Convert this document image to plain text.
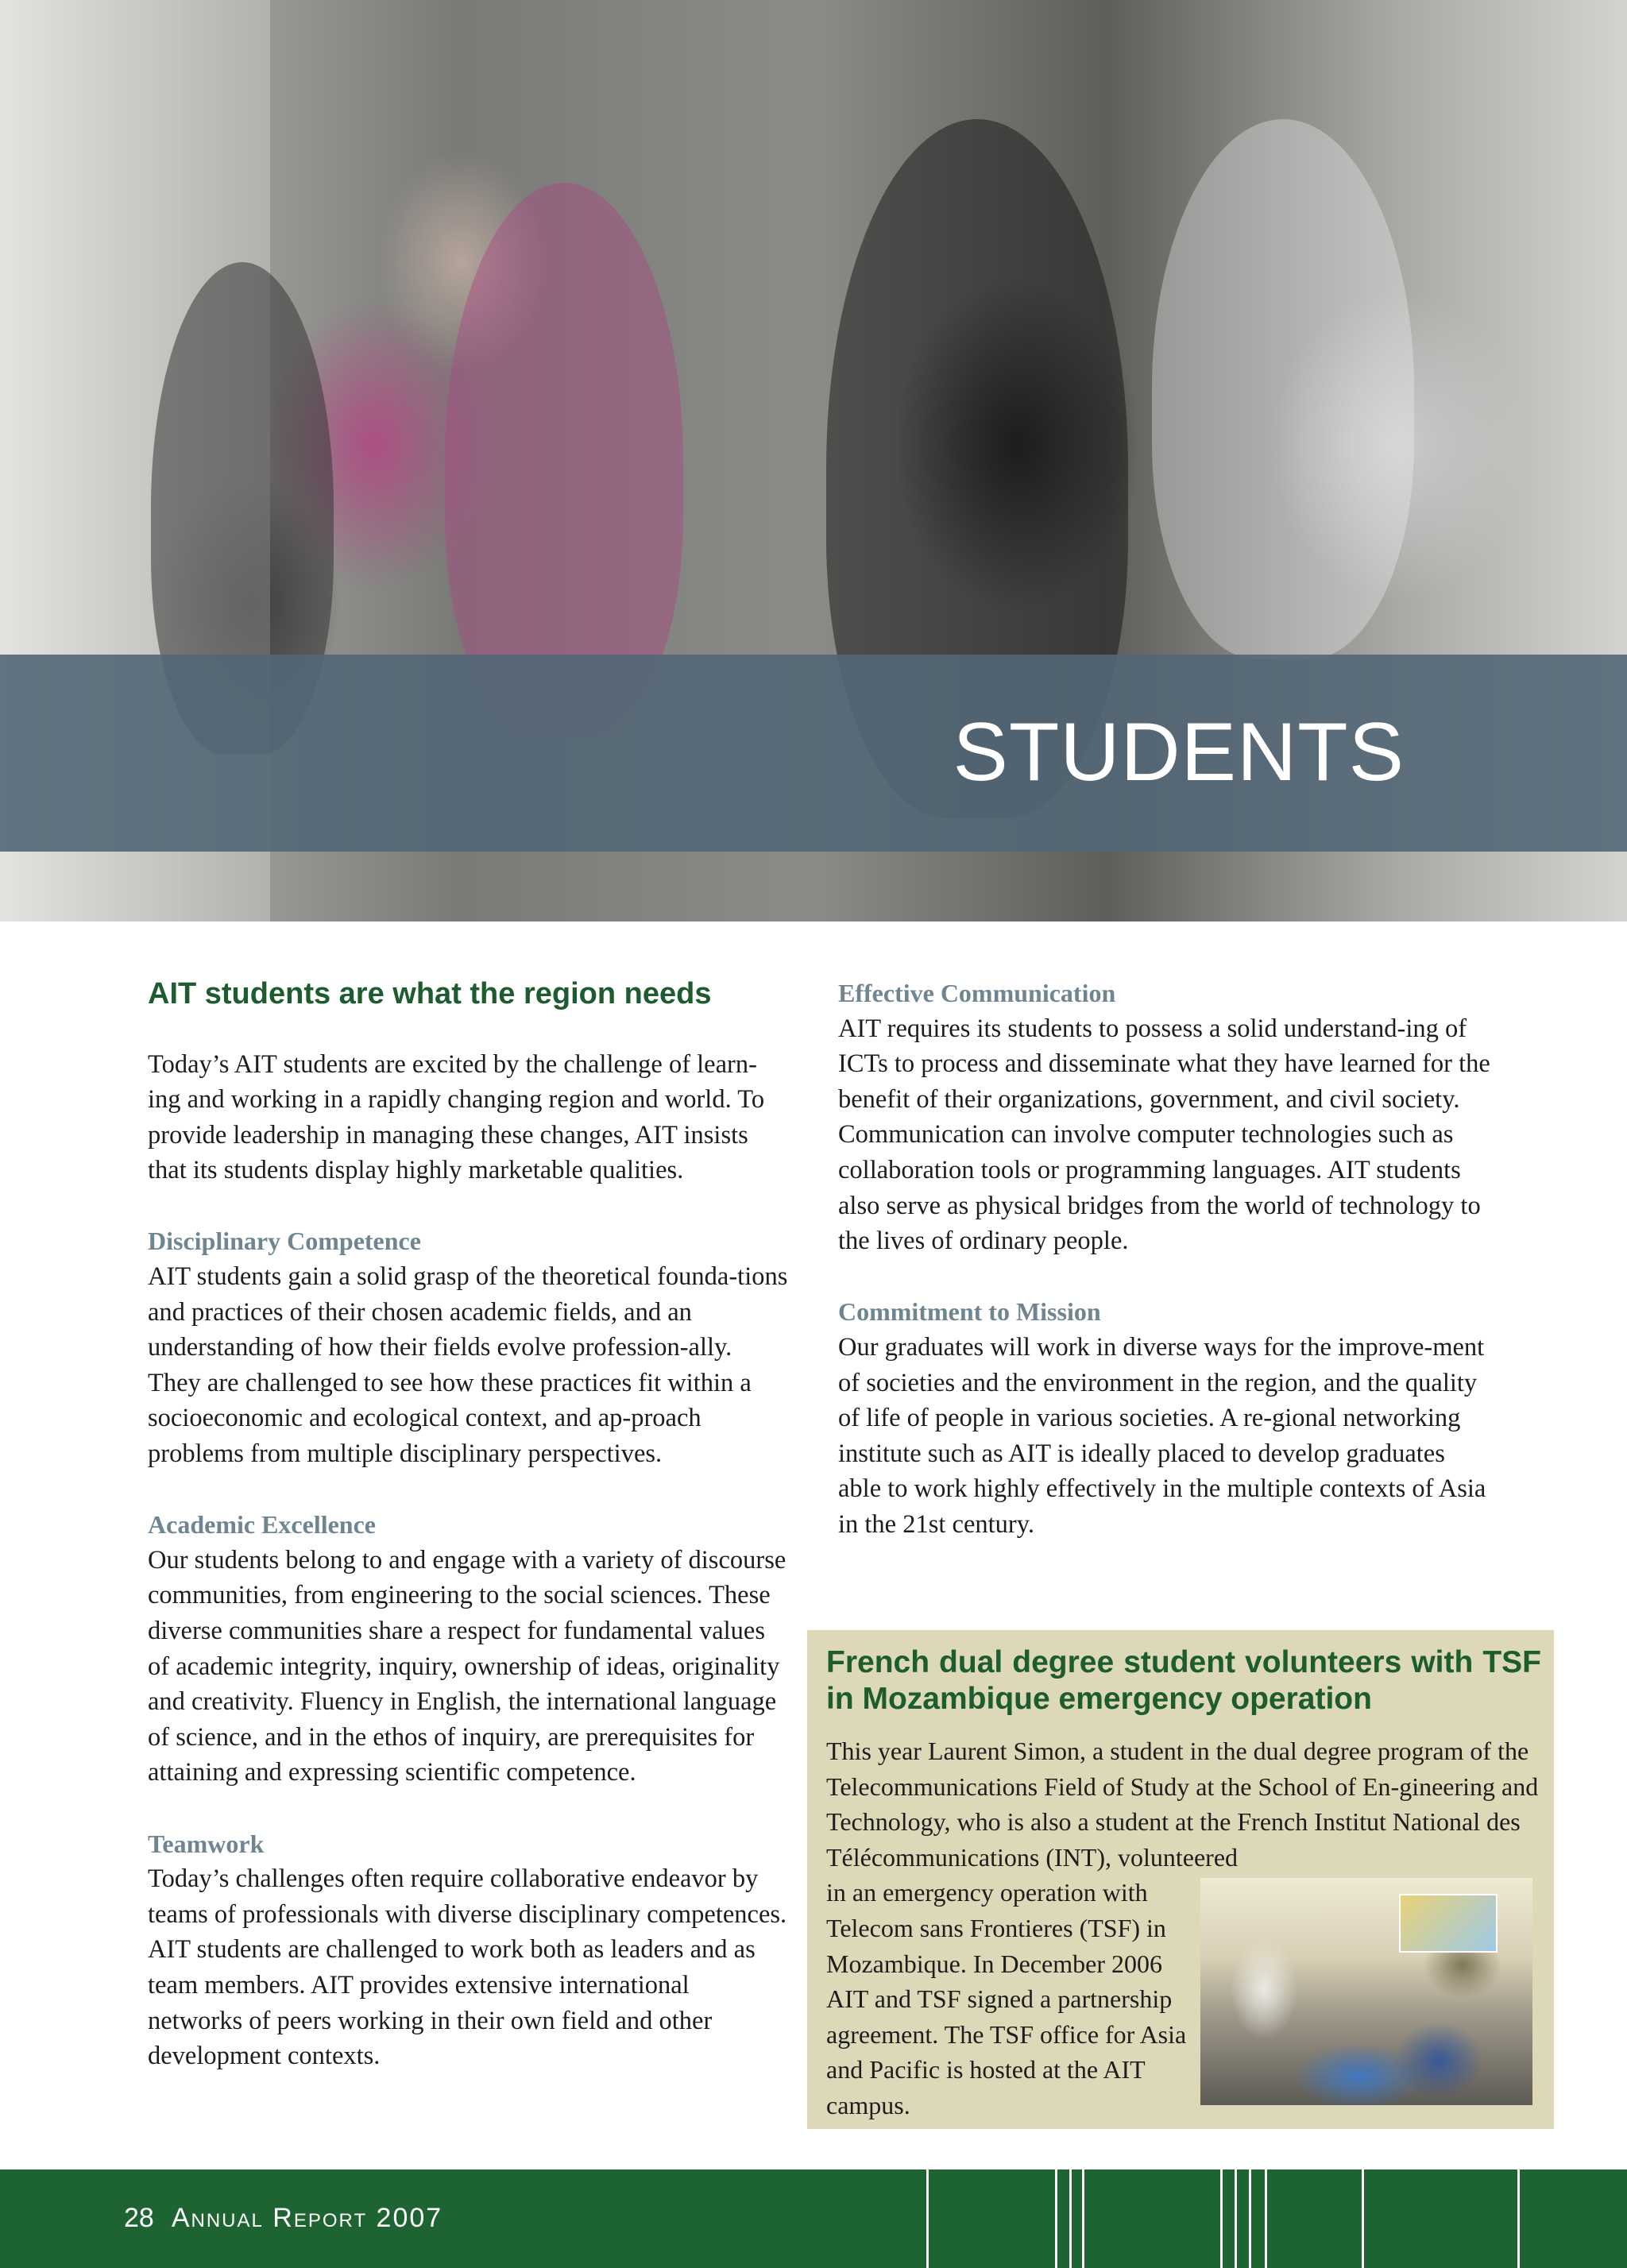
STUDENTS
AIT students are what the region needs

Today’s AIT students are excited by the challenge of learn-ing and working in a rapidly changing region and world. To provide leadership in managing these changes, AIT insists that its students display highly marketable qualities.

Disciplinary Competence

AIT students gain a solid grasp of the theoretical founda-tions and practices of their chosen academic fields, and an understanding of how their fields evolve profession-ally. They are challenged to see how these practices fit within a socioeconomic and ecological context, and ap-proach problems from multiple disciplinary perspectives.

Academic Excellence

Our students belong to and engage with a variety of discourse communities, from engineering to the social sciences. These diverse communities share a respect for fundamental values of academic integrity, inquiry, ownership of ideas, originality and creativity. Fluency in English, the international language of science, and in the ethos of inquiry, are prerequisites for attaining and expressing scientific competence.

Teamwork

Today’s challenges often require collaborative endeavor by teams of professionals with diverse disciplinary competences. AIT students are challenged to work both as leaders and as team members. AIT provides extensive international networks of peers working in their own field and other development contexts.

Effective Communication

AIT requires its students to possess a solid understand-ing of ICTs to process and disseminate what they have learned for the benefit of their organizations, government, and civil society. Communication can involve computer technologies such as collaboration tools or programming languages. AIT students also serve as physical bridges from the world of technology to the lives of ordinary people.

Commitment to Mission

Our graduates will work in diverse ways for the improve-ment of societies and the environment in the region, and the quality of life of people in various societies. A re-gional networking institute such as AIT is ideally placed to develop graduates able to work highly effectively in the multiple contexts of Asia in the 21st century.

French dual degree student volunteers with TSF in Mozambique emergency operation
This year Laurent Simon, a student in the dual degree program of the Telecommunications Field of Study at the School of En-gineering and Technology, who is also a student at the French Institut National des Télécommunications (INT), volunteered
in an emergency operation with Telecom sans Frontieres (TSF) in Mozambique. In December 2006 AIT and TSF signed a partnership agreement. The TSF office for Asia and Pacific is hosted at the AIT campus.
28 Annual Report 2007
